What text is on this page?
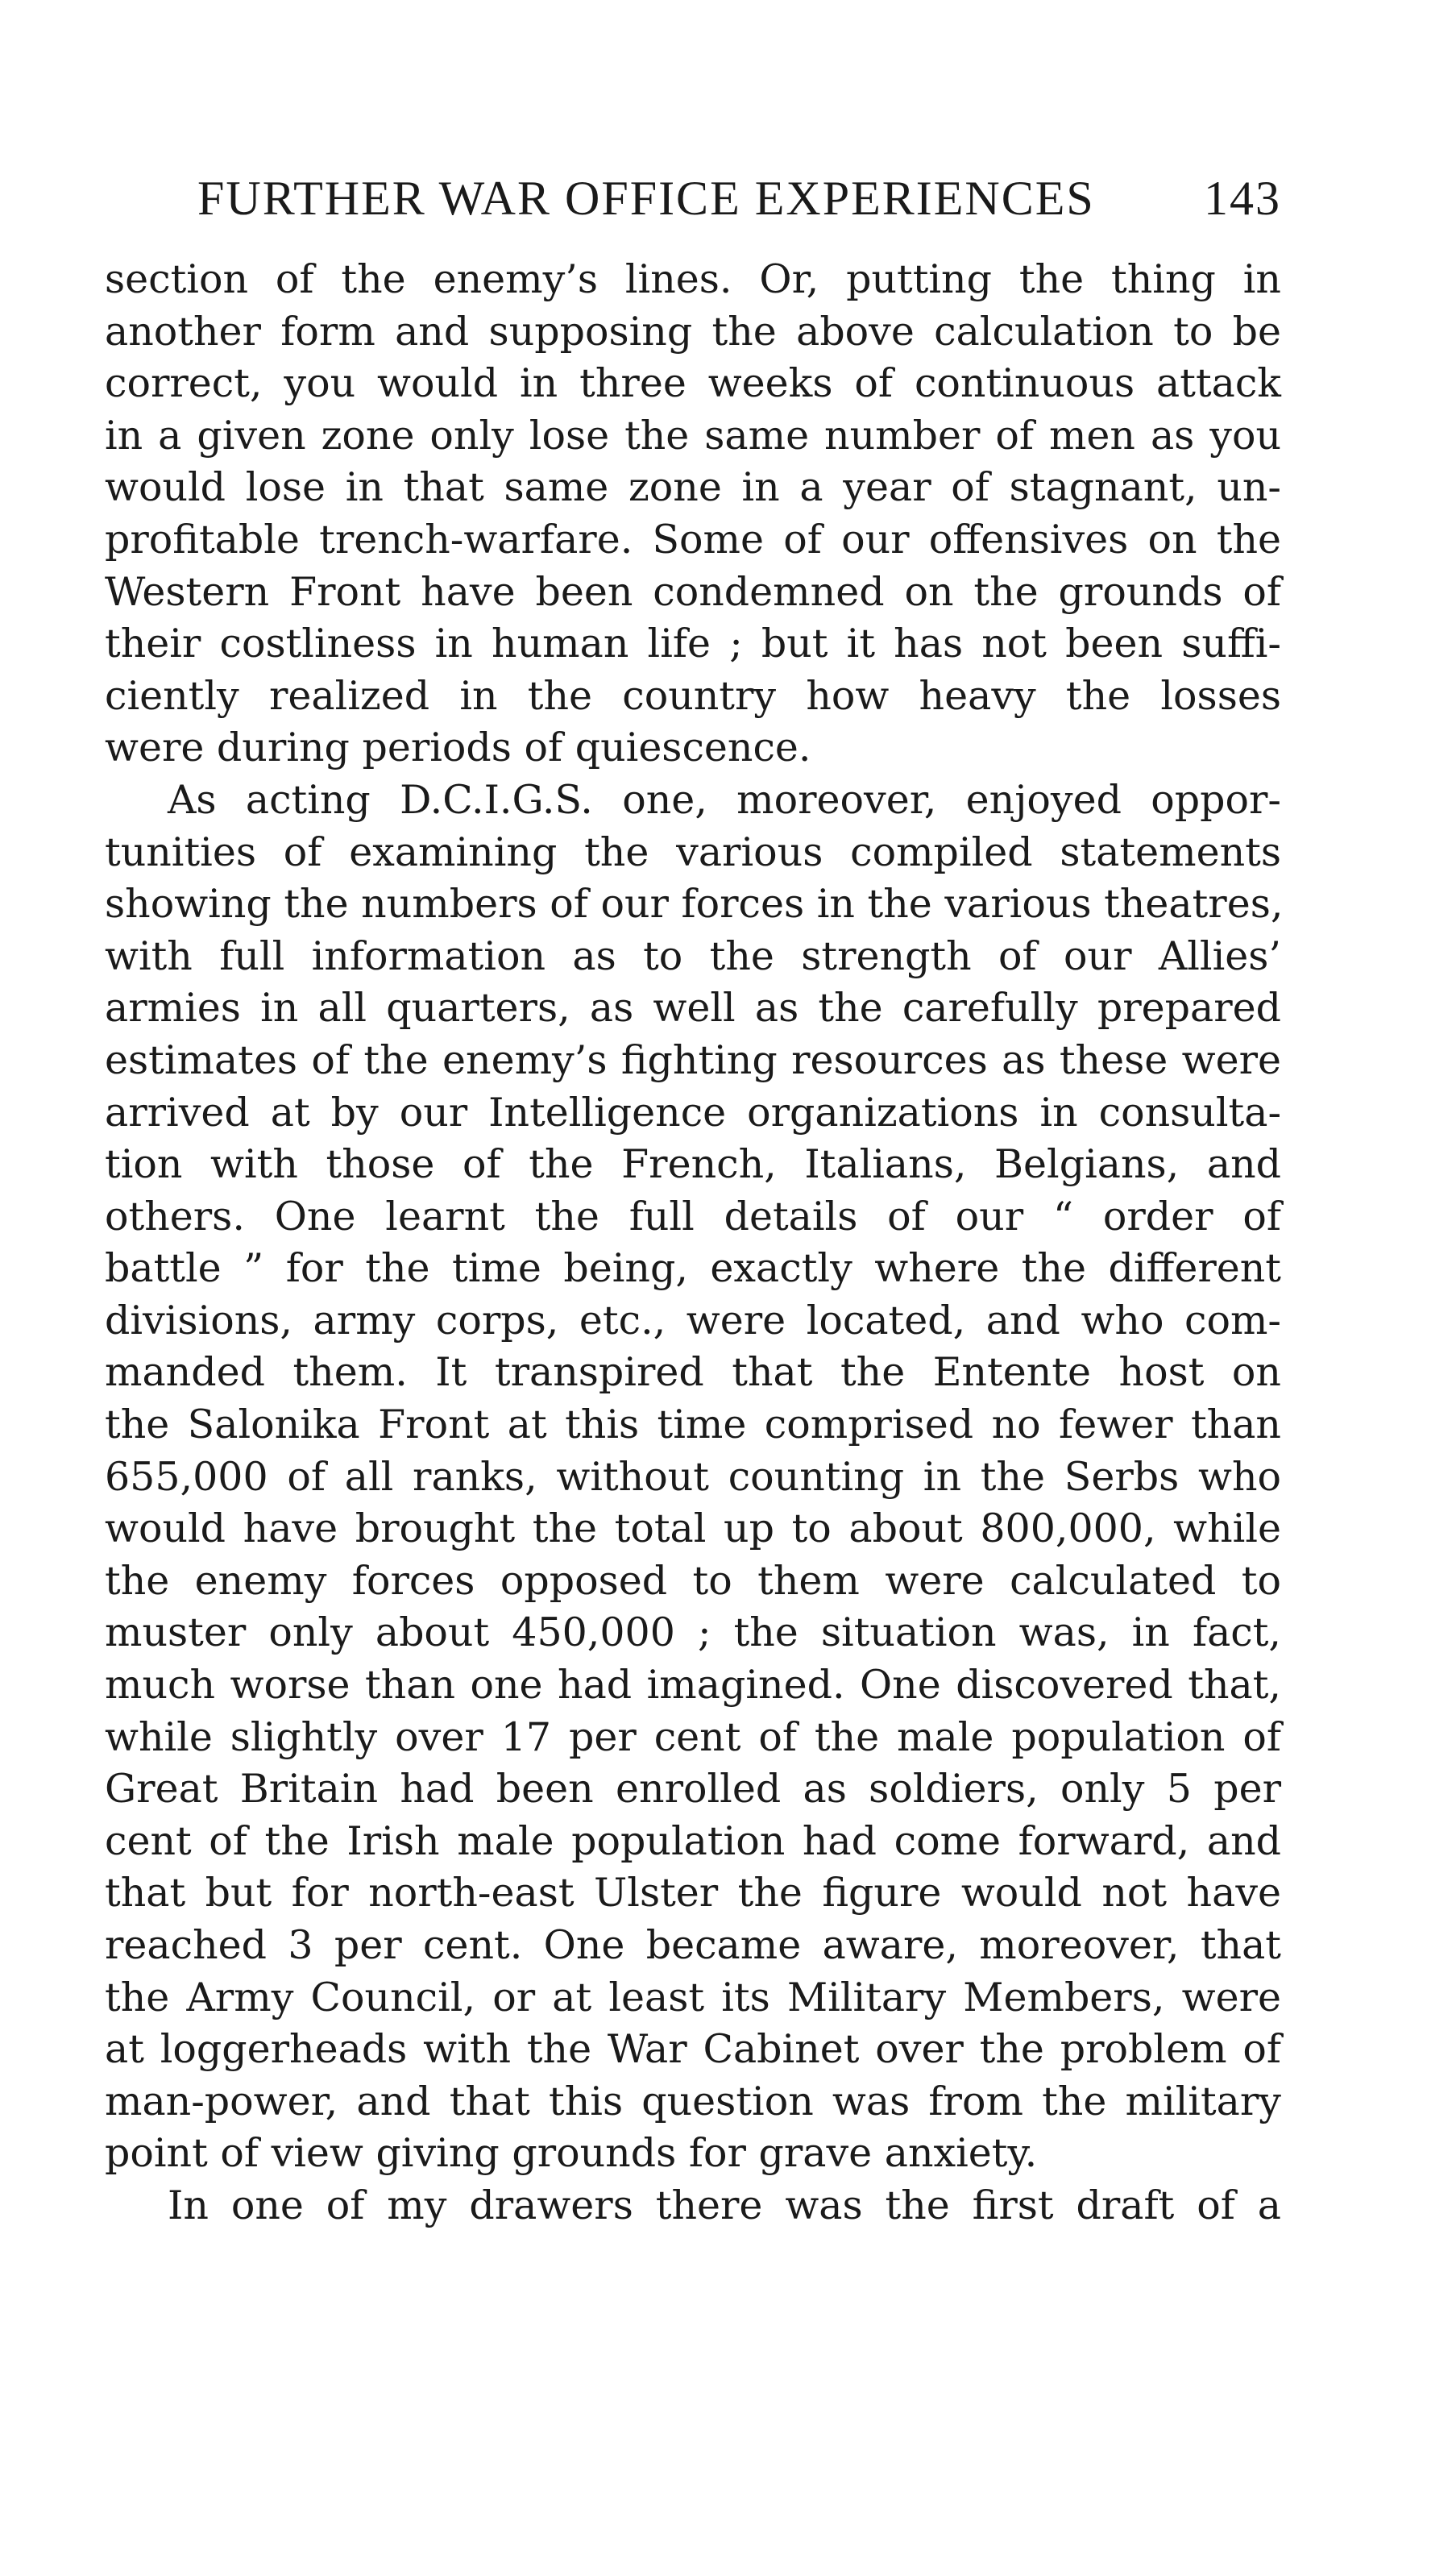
FURTHER WAR OFFICE EXPERIENCES 143
section of the enemy’s lines. Or, putting the thing in
another form and supposing the above calculation to be
correct, you would in three weeks of continuous attack
in a given zone only lose the same number of men as you
would lose in that same zone in a year of stagnant, un-
profitable trench-warfare. Some of our offensives on the
Western Front have been condemned on the grounds of
their costliness in human life ; but it has not been suffi-
ciently realized in the country how heavy the losses
were during periods of quiescence.
As acting D.C.I.G.S. one, moreover, enjoyed oppor-
tunities of examining the various compiled statements
showing the numbers of our forces in the various theatres,
with full information as to the strength of our Allies’
armies in all quarters, as well as the carefully prepared
estimates of the enemy’s fighting resources as these were
arrived at by our Intelligence organizations in consulta-
tion with those of the French, Italians, Belgians, and
others. One learnt the full details of our “ order of
battle ” for the time being, exactly where the different
divisions, army corps, etc., were located, and who com-
manded them. It transpired that the Entente host on
the Salonika Front at this time comprised no fewer than
655,000 of all ranks, without counting in the Serbs who
would have brought the total up to about 800,000, while
the enemy forces opposed to them were calculated to
muster only about 450,000 ; the situation was, in fact,
much worse than one had imagined. One discovered that,
while slightly over 17 per cent of the male population of
Great Britain had been enrolled as soldiers, only 5 per
cent of the Irish male population had come forward, and
that but for north-east Ulster the figure would not have
reached 3 per cent. One became aware, moreover, that
the Army Council, or at least its Military Members, were
at loggerheads with the War Cabinet over the problem of
man-power, and that this question was from the military
point of view giving grounds for grave anxiety.
In one of my drawers there was the first draft of a
